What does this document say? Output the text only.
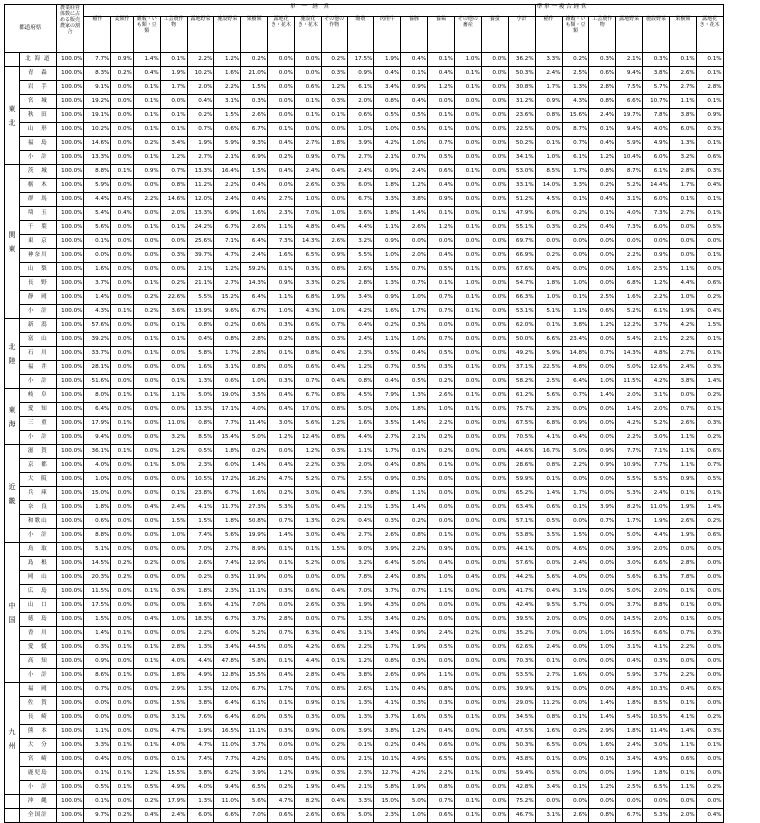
都道府県		農業経営体数に占める販売農家の割合	単　一　経　営																	準 単 一 複 合 経 営						
			稲作	麦類作	雑穀・いも類・豆類	工芸農作物	露地野菜	施設野菜	果樹類	露地花き・花木	施設花き・花木	その他の作物	酪農	肉用牛	養豚	養鶏	その他の畜産	養蚕	小計	稲作	雑穀・いも類・豆類	工芸農作物	露地野菜	施設野菜	果樹類	露地花き・花木
	北 海 道	100.0%	7.7%	0.9%	1.4%	0.1%	2.2%	1.2%	0.2%	0.0%	0.0%	0.2%	17.5%	1.9%	0.4%	0.1%	1.0%	0.0%	36.2%	3.3%	0.2%	0.3%	2.1%	0.3%	0.1%	0.1%
東
北	青　森	100.0%	8.3%	0.2%	0.4%	1.9%	10.2%	1.6%	21.0%	0.0%	0.0%	0.3%	0.9%	0.4%	0.1%	0.4%	0.1%	0.0%	50.3%	2.4%	2.5%	0.6%	9.4%	3.8%	2.6%	0.1%
	岩　手	100.0%	9.1%	0.0%	0.1%	1.7%	2.0%	2.2%	1.5%	0.0%	0.6%	1.2%	6.1%	3.4%	0.9%	1.2%	0.1%	0.0%	30.8%	1.7%	1.3%	2.8%	7.5%	5.7%	2.7%	2.8%
	宮　城	100.0%	19.2%	0.0%	0.1%	0.0%	0.4%	3.1%	0.3%	0.0%	0.1%	0.3%	2.0%	0.8%	0.4%	0.0%	0.0%	0.0%	31.2%	0.9%	4.3%	0.8%	6.6%	10.7%	1.1%	0.1%
	秋　田	100.0%	19.1%	0.0%	0.1%	0.1%	0.2%	1.5%	2.6%	0.0%	0.1%	0.1%	0.6%	0.5%	0.5%	0.1%	0.0%	0.0%	23.6%	0.8%	15.6%	2.4%	19.7%	7.8%	3.8%	0.9%
	山　形	100.0%	10.2%	0.0%	0.1%	0.1%	0.7%	0.6%	6.7%	0.1%	0.0%	0.0%	1.0%	1.0%	0.5%	0.1%	0.0%	0.0%	22.5%	0.0%	8.7%	0.1%	9.4%	4.0%	6.0%	0.3%
	福　島	100.0%	14.6%	0.0%	0.2%	3.4%	1.9%	5.9%	9.3%	0.4%	2.7%	1.8%	3.9%	4.2%	1.0%	0.7%	0.0%	0.0%	50.2%	0.1%	0.7%	0.4%	5.9%	4.9%	1.3%	0.1%
	小　計	100.0%	13.3%	0.0%	0.1%	1.2%	2.7%	2.1%	6.9%	0.2%	0.9%	0.7%	2.7%	2.1%	0.7%	0.5%	0.0%	0.0%	34.1%	1.0%	6.1%	1.2%	10.4%	6.0%	3.2%	0.6%
関
東	茨　城	100.0%	8.8%	0.1%	0.9%	0.7%	13.3%	16.4%	1.5%	0.4%	2.4%	0.4%	2.4%	0.9%	2.4%	0.6%	0.1%	0.0%	53.0%	8.5%	1.7%	0.8%	8.7%	6.1%	2.8%	0.3%
	栃　木	100.0%	5.9%	0.0%	0.0%	0.8%	11.2%	2.2%	0.4%	0.0%	2.6%	0.3%	6.0%	1.8%	1.2%	0.4%	0.0%	0.0%	33.1%	14.0%	3.3%	0.2%	5.2%	14.4%	1.7%	0.4%
	群　馬	100.0%	4.4%	0.4%	2.2%	14.6%	12.0%	2.4%	0.4%	2.7%	1.0%	0.0%	6.7%	3.3%	3.8%	0.9%	0.0%	0.0%	51.2%	4.5%	0.1%	0.4%	3.1%	6.0%	0.1%	0.1%
	埼　玉	100.0%	5.4%	0.4%	0.0%	2.0%	13.3%	6.9%	1.6%	2.3%	7.0%	1.0%	3.6%	1.8%	1.4%	0.1%	0.0%	0.1%	47.9%	6.0%	0.2%	0.1%	4.0%	7.3%	2.7%	0.1%
	千　葉	100.0%	5.6%	0.0%	0.1%	0.1%	24.2%	6.7%	2.6%	1.1%	4.8%	0.4%	4.4%	1.1%	2.6%	1.2%	0.1%	0.0%	55.1%	0.3%	0.2%	0.4%	7.3%	6.0%	0.0%	0.5%
	東　京	100.0%	0.1%	0.0%	0.0%	0.0%	25.6%	7.1%	6.4%	7.3%	14.3%	2.6%	3.2%	0.9%	0.0%	0.0%	0.0%	0.0%	69.7%	0.0%	0.0%	0.0%	0.0%	0.0%	0.0%	0.0%
	神奈川	100.0%	0.0%	0.0%	0.0%	0.3%	39.7%	4.7%	2.4%	1.6%	6.5%	0.9%	5.5%	1.0%	2.0%	0.4%	0.0%	0.0%	66.9%	0.2%	0.0%	0.0%	2.2%	0.9%	0.0%	0.1%
	山　梨	100.0%	1.6%	0.0%	0.0%	0.0%	2.1%	1.2%	59.2%	0.1%	0.3%	0.8%	2.6%	1.5%	0.7%	0.5%	0.1%	0.0%	67.6%	0.4%	0.0%	0.0%	1.6%	2.5%	1.1%	0.0%
	長　野	100.0%	3.7%	0.0%	0.1%	0.2%	21.1%	2.7%	14.3%	0.9%	3.3%	0.2%	2.8%	1.3%	0.7%	0.1%	1.0%	0.0%	54.7%	1.8%	1.0%	0.0%	6.8%	1.2%	4.4%	0.6%
	静　岡	100.0%	1.4%	0.0%	0.2%	22.6%	5.5%	15.2%	6.4%	1.1%	6.8%	1.9%	3.4%	0.9%	1.0%	0.7%	0.1%	0.0%	66.3%	1.0%	0.1%	2.5%	1.6%	2.2%	1.0%	0.2%
	小　計	100.0%	4.3%	0.1%	0.2%	3.6%	13.9%	9.6%	6.7%	1.0%	4.3%	1.0%	4.2%	1.6%	1.7%	0.7%	0.1%	0.0%	53.1%	5.1%	1.1%	0.6%	5.2%	6.1%	1.9%	0.4%
北
陸	新　潟	100.0%	57.6%	0.0%	0.0%	0.1%	0.8%	0.2%	0.6%	0.3%	0.6%	0.7%	0.4%	0.2%	0.3%	0.0%	0.0%	0.0%	62.0%	0.1%	3.8%	1.2%	12.2%	3.7%	4.2%	1.5%
	富　山	100.0%	39.2%	0.0%	0.1%	0.1%	0.4%	0.8%	2.8%	0.2%	0.8%	0.3%	2.4%	1.1%	1.0%	0.7%	0.0%	0.0%	50.0%	6.6%	23.4%	0.0%	5.4%	2.1%	2.2%	0.1%
	石　川	100.0%	33.7%	0.0%	0.1%	0.0%	5.8%	1.7%	2.8%	0.1%	0.8%	0.4%	2.3%	0.5%	0.4%	0.5%	0.0%	0.0%	49.2%	5.9%	14.8%	0.7%	14.3%	4.8%	2.7%	0.1%
	福　井	100.0%	28.1%	0.0%	0.0%	0.0%	1.6%	3.1%	0.8%	0.0%	0.6%	0.4%	1.2%	0.7%	0.5%	0.3%	0.1%	0.0%	37.1%	22.5%	4.8%	0.0%	5.0%	12.6%	2.4%	0.3%
	小　計	100.0%	51.6%	0.0%	0.0%	0.1%	1.3%	0.6%	1.0%	0.3%	0.7%	0.4%	0.8%	0.4%	0.5%	0.2%	0.0%	0.0%	58.2%	2.5%	6.4%	1.0%	11.5%	4.2%	3.8%	1.4%
東
海	岐　阜	100.0%	8.0%	0.1%	0.1%	1.1%	5.0%	19.0%	3.5%	0.4%	6.7%	0.8%	4.5%	7.9%	1.3%	2.6%	0.1%	0.0%	61.2%	5.6%	0.7%	1.4%	2.0%	3.1%	0.0%	0.2%
	愛　知	100.0%	6.4%	0.0%	0.0%	0.0%	13.3%	17.1%	4.0%	0.4%	17.0%	0.8%	5.0%	3.0%	1.8%	1.0%	0.1%	0.0%	75.7%	2.3%	0.0%	0.0%	1.4%	2.0%	0.7%	0.1%
	三　重	100.0%	17.9%	0.1%	0.0%	11.0%	0.8%	7.7%	11.4%	3.0%	5.6%	1.2%	1.6%	3.5%	1.4%	2.2%	0.0%	0.0%	67.5%	6.8%	0.9%	0.0%	4.2%	5.2%	2.6%	0.3%
	小　計	100.0%	9.4%	0.0%	0.0%	3.2%	8.5%	15.4%	5.0%	1.2%	12.4%	0.8%	4.4%	2.7%	2.1%	0.2%	0.0%	0.0%	70.5%	4.1%	0.4%	0.0%	2.2%	3.0%	1.1%	0.2%
近
畿	滋　賀	100.0%	36.1%	0.1%	0.0%	1.2%	0.5%	1.8%	0.2%	0.0%	1.2%	0.3%	1.1%	1.7%	0.1%	0.2%	0.0%	0.0%	44.6%	16.7%	5.0%	0.9%	7.7%	7.1%	1.1%	0.6%
	京　都	100.0%	4.0%	0.0%	0.1%	5.0%	2.3%	6.0%	1.4%	0.4%	2.2%	0.3%	2.0%	0.4%	0.8%	0.1%	0.0%	0.0%	28.6%	0.8%	2.2%	0.9%	10.9%	7.7%	1.1%	0.7%
	大　阪	100.0%	1.0%	0.0%	0.0%	0.0%	10.5%	17.2%	16.2%	4.7%	5.2%	0.7%	2.5%	0.9%	0.3%	0.0%	0.0%	0.0%	59.9%	0.1%	0.0%	0.0%	5.5%	5.5%	0.9%	0.5%
	兵　庫	100.0%	15.0%	0.0%	0.0%	0.1%	23.8%	6.7%	1.6%	0.2%	3.0%	0.4%	7.3%	0.8%	1.1%	0.0%	0.0%	0.0%	65.2%	1.4%	1.7%	0.0%	5.3%	2.4%	0.1%	0.1%
	奈　良	100.0%	1.8%	0.0%	0.4%	2.4%	4.1%	11.7%	27.3%	5.3%	5.0%	0.4%	2.1%	1.3%	1.4%	0.0%	0.0%	0.0%	63.4%	0.6%	0.1%	3.9%	8.2%	11.0%	1.9%	1.4%
	和歌山	100.0%	0.6%	0.0%	0.0%	1.5%	1.5%	1.8%	50.8%	0.7%	1.3%	0.2%	0.4%	0.3%	0.2%	0.0%	0.0%	0.0%	57.1%	0.5%	0.0%	0.7%	1.7%	1.9%	2.6%	0.2%
	小　計	100.0%	8.8%	0.0%	0.0%	1.0%	7.4%	5.6%	19.9%	1.4%	3.0%	0.4%	2.7%	2.6%	0.8%	0.1%	0.0%	0.0%	53.8%	3.5%	1.5%	0.0%	5.0%	4.4%	1.9%	0.6%
中
国	鳥　取	100.0%	5.1%	0.0%	0.0%	0.0%	7.0%	2.7%	8.9%	0.1%	0.1%	1.5%	9.0%	3.9%	2.2%	0.9%	0.0%	0.0%	44.1%	0.0%	4.6%	0.0%	3.9%	2.0%	0.0%	0.0%
	島　根	100.0%	14.5%	0.2%	0.2%	0.0%	2.6%	7.4%	12.9%	0.1%	5.2%	0.0%	3.2%	6.4%	5.0%	0.4%	0.0%	0.0%	57.6%	0.0%	2.4%	0.0%	3.0%	6.6%	2.8%	0.0%
	岡　山	100.0%	20.3%	0.2%	0.0%	0.0%	0.2%	0.3%	11.9%	0.0%	0.0%	0.0%	7.8%	2.4%	0.8%	1.0%	0.4%	0.0%	44.2%	5.6%	4.0%	0.0%	5.6%	6.3%	7.8%	0.0%
	広　島	100.0%	11.5%	0.0%	0.1%	0.3%	1.8%	2.3%	11.1%	0.3%	0.6%	0.4%	7.0%	3.7%	0.7%	1.1%	0.0%	0.0%	41.7%	0.4%	3.1%	0.0%	5.0%	2.0%	0.1%	0.0%
	山　口	100.0%	17.5%	0.0%	0.0%	0.0%	3.6%	4.1%	7.0%	0.0%	2.6%	0.3%	1.9%	4.3%	0.0%	0.0%	0.0%	0.0%	42.4%	9.5%	5.7%	0.0%	3.7%	8.8%	0.1%	0.0%
	徳　島	100.0%	1.5%	0.0%	0.4%	1.0%	18.3%	6.7%	3.7%	2.8%	0.0%	0.7%	1.3%	3.4%	0.2%	0.0%	0.0%	0.0%	39.5%	2.0%	0.0%	0.0%	14.5%	2.0%	0.1%	0.0%
	香　川	100.0%	1.4%	0.1%	0.0%	0.0%	2.2%	6.0%	5.2%	0.7%	6.3%	0.4%	3.1%	3.4%	0.9%	2.4%	0.2%	0.0%	35.2%	7.0%	0.0%	1.0%	16.5%	6.6%	0.7%	0.3%
	愛　媛	100.0%	0.3%	0.1%	0.1%	2.8%	1.3%	3.4%	44.5%	0.0%	4.2%	0.6%	2.2%	1.7%	1.9%	0.5%	0.0%	0.0%	62.6%	2.4%	0.0%	1.0%	3.1%	4.1%	2.2%	0.0%
	高　知	100.0%	0.9%	0.0%	0.1%	4.0%	4.4%	47.8%	5.8%	0.1%	4.4%	0.1%	1.2%	0.8%	0.3%	0.0%	0.0%	0.0%	70.3%	0.1%	0.0%	0.0%	0.4%	0.3%	0.0%	0.0%
	小　計	100.0%	8.6%	0.1%	0.0%	1.8%	4.9%	12.8%	15.5%	0.4%	2.8%	0.4%	3.8%	2.6%	0.9%	1.1%	0.0%	0.0%	53.5%	2.7%	1.6%	0.0%	5.9%	3.7%	2.2%	0.0%
九
州	福　岡	100.0%	0.7%	0.0%	0.0%	2.9%	1.3%	12.0%	6.7%	1.7%	7.0%	0.8%	2.6%	1.1%	0.4%	0.8%	0.0%	0.0%	39.9%	9.1%	0.0%	0.0%	4.8%	10.3%	0.4%	0.6%
	佐　賀	100.0%	0.0%	0.0%	0.0%	1.5%	3.8%	6.4%	6.1%	0.1%	0.9%	0.1%	1.3%	4.1%	0.3%	0.3%	0.0%	0.0%	29.0%	11.2%	0.0%	1.4%	1.8%	8.5%	0.1%	0.0%
	長　崎	100.0%	0.0%	0.0%	0.0%	3.1%	7.6%	6.4%	6.0%	0.5%	0.3%	0.0%	1.3%	3.7%	1.6%	0.5%	0.1%	0.0%	34.5%	0.8%	0.1%	1.4%	5.4%	10.5%	4.1%	0.2%
	熊　本	100.0%	1.1%	0.0%	0.0%	4.7%	1.9%	16.5%	11.1%	0.3%	0.9%	0.0%	3.9%	3.8%	1.2%	0.4%	0.0%	0.0%	47.5%	1.6%	0.2%	2.9%	1.8%	11.4%	1.4%	0.3%
	大　分	100.0%	3.3%	0.1%	0.1%	4.0%	4.7%	11.0%	3.7%	0.0%	0.0%	0.2%	0.1%	0.2%	0.4%	0.6%	0.0%	0.0%	50.3%	6.5%	0.0%	1.6%	2.4%	3.0%	1.1%	0.1%
	宮　崎	100.0%	0.4%	0.0%	0.0%	0.1%	7.4%	7.7%	4.2%	0.0%	0.4%	0.0%	2.1%	10.1%	4.9%	6.5%	0.0%	0.0%	43.8%	0.1%	0.0%	0.1%	3.4%	4.9%	0.6%	0.0%
	鹿児島	100.0%	0.1%	0.1%	1.2%	15.5%	3.8%	6.2%	3.9%	1.2%	0.9%	0.3%	2.3%	12.7%	4.2%	2.2%	0.1%	0.0%	59.4%	0.5%	0.0%	0.0%	1.9%	1.8%	0.1%	0.0%
	小　計	100.0%	0.5%	0.1%	0.5%	4.9%	4.0%	9.4%	6.5%	0.2%	1.9%	0.4%	2.1%	5.8%	1.9%	0.8%	0.0%	0.0%	42.8%	3.4%	0.1%	1.2%	2.5%	6.5%	1.1%	0.2%
	沖　縄	100.0%	0.1%	0.0%	0.2%	17.9%	1.3%	11.0%	5.6%	4.7%	8.2%	0.4%	3.3%	15.0%	5.0%	0.7%	0.1%	0.0%	75.2%	0.0%	0.0%	0.0%	0.0%	0.0%	0.0%	0.0%
	全国計	100.0%	9.7%	0.2%	0.4%	2.4%	6.0%	6.6%	7.0%	0.6%	2.6%	0.6%	5.0%	2.3%	1.0%	0.6%	0.1%	0.0%	46.7%	3.1%	2.6%	0.8%	6.7%	5.3%	2.0%	0.4%
